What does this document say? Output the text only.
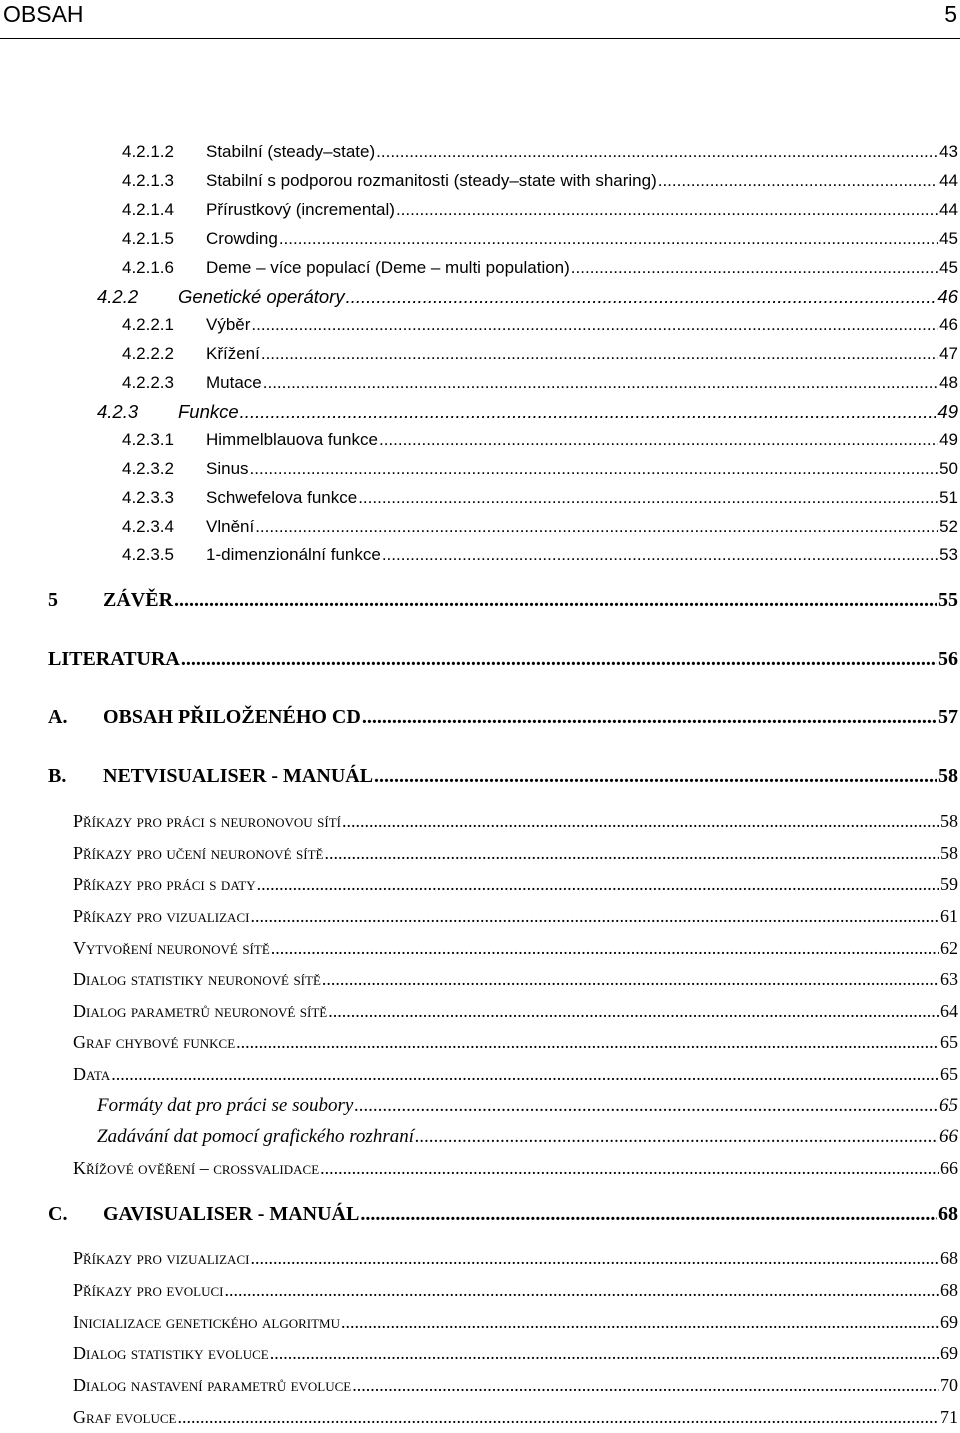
OBSAH	5
4.2.1.2 Stabilní (steady–state) .....	43
4.2.1.3 Stabilní s podporou rozmanitosti (steady–state with sharing) .....	44
4.2.1.4 Přírustkový (incremental) .....	44
4.2.1.5 Crowding .....	45
4.2.1.6 Deme – více populací (Deme – multi population) .....	45
4.2.2 Genetické operátory .....	46
4.2.2.1 Výběr .....	46
4.2.2.2 Křížení .....	47
4.2.2.3 Mutace .....	48
4.2.3 Funkce .....	49
4.2.3.1 Himmelblauova funkce .....	49
4.2.3.2 Sinus .....	50
4.2.3.3 Schwefelova funkce .....	51
4.2.3.4 Vlnění .....	52
4.2.3.5 1-dimenzionální funkce .....	53
5 ZÁVĚR .....	55
LITERATURA .....	56
A. OBSAH PŘILOŽENÉHO CD .....	57
B. NETVISUALISER - MANUÁL .....	58
Příkazy pro práci s neuronovou sítí .....	58
Příkazy pro učení neuronové sítě .....	58
Příkazy pro práci s daty .....	59
Příkazy pro vizualizaci .....	61
Vytvoření neuronové sítě .....	62
Dialog statistiky neuronové sítě .....	63
Dialog parametrů neuronové sítě .....	64
Graf chybové funkce .....	65
Data .....	65
Formáty dat pro práci se soubory .....	65
Zadávání dat pomocí grafického rozhraní .....	66
Křížové ověření – crossvalidace .....	66
C. GAVISUALISER - MANUÁL .....	68
Příkazy pro vizualizaci .....	68
Příkazy pro evoluci .....	68
Inicializace genetického algoritmu .....	69
Dialog statistiky evoluce .....	69
Dialog nastavení parametrů evoluce .....	70
Graf evoluce .....	71
